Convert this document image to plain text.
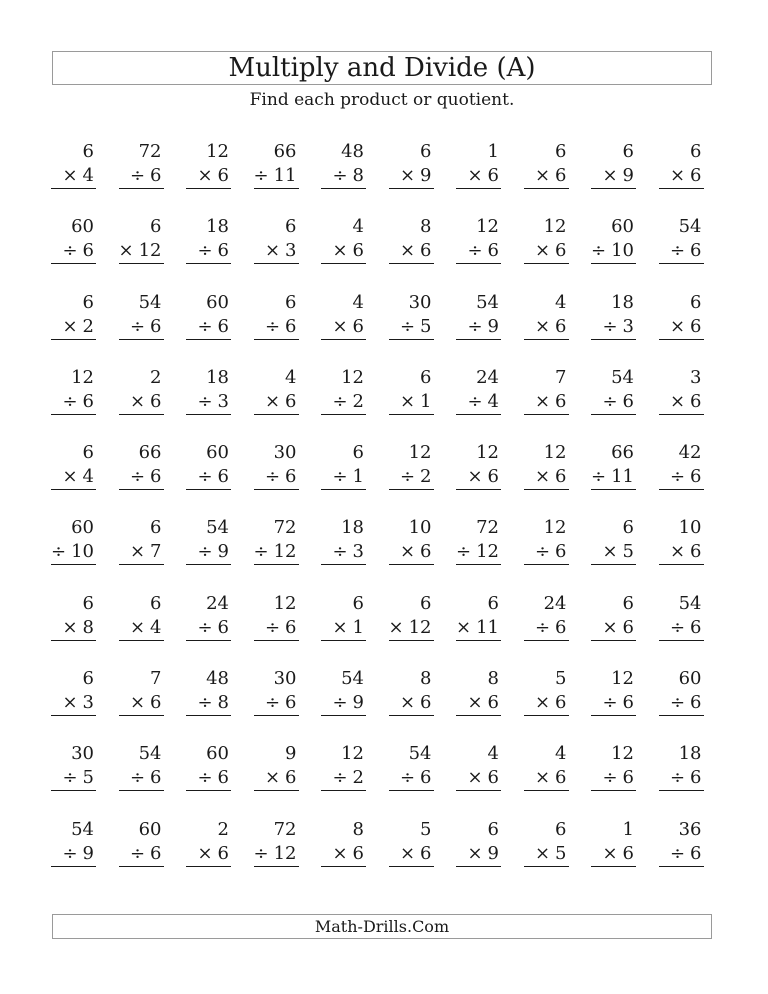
Multiply and Divide (A)
Find each product or quotient.
6
× 4
72
÷ 6
12
× 6
66
÷ 11
48
÷ 8
6
× 9
1
× 6
6
× 6
6
× 9
6
× 6
60
÷ 6
6
× 12
18
÷ 6
6
× 3
4
× 6
8
× 6
12
÷ 6
12
× 6
60
÷ 10
54
÷ 6
6
× 2
54
÷ 6
60
÷ 6
6
÷ 6
4
× 6
30
÷ 5
54
÷ 9
4
× 6
18
÷ 3
6
× 6
12
÷ 6
2
× 6
18
÷ 3
4
× 6
12
÷ 2
6
× 1
24
÷ 4
7
× 6
54
÷ 6
3
× 6
6
× 4
66
÷ 6
60
÷ 6
30
÷ 6
6
÷ 1
12
÷ 2
12
× 6
12
× 6
66
÷ 11
42
÷ 6
60
÷ 10
6
× 7
54
÷ 9
72
÷ 12
18
÷ 3
10
× 6
72
÷ 12
12
÷ 6
6
× 5
10
× 6
6
× 8
6
× 4
24
÷ 6
12
÷ 6
6
× 1
6
× 12
6
× 11
24
÷ 6
6
× 6
54
÷ 6
6
× 3
7
× 6
48
÷ 8
30
÷ 6
54
÷ 9
8
× 6
8
× 6
5
× 6
12
÷ 6
60
÷ 6
30
÷ 5
54
÷ 6
60
÷ 6
9
× 6
12
÷ 2
54
÷ 6
4
× 6
4
× 6
12
÷ 6
18
÷ 6
54
÷ 9
60
÷ 6
2
× 6
72
÷ 12
8
× 6
5
× 6
6
× 9
6
× 5
1
× 6
36
÷ 6
Math-Drills.Com
